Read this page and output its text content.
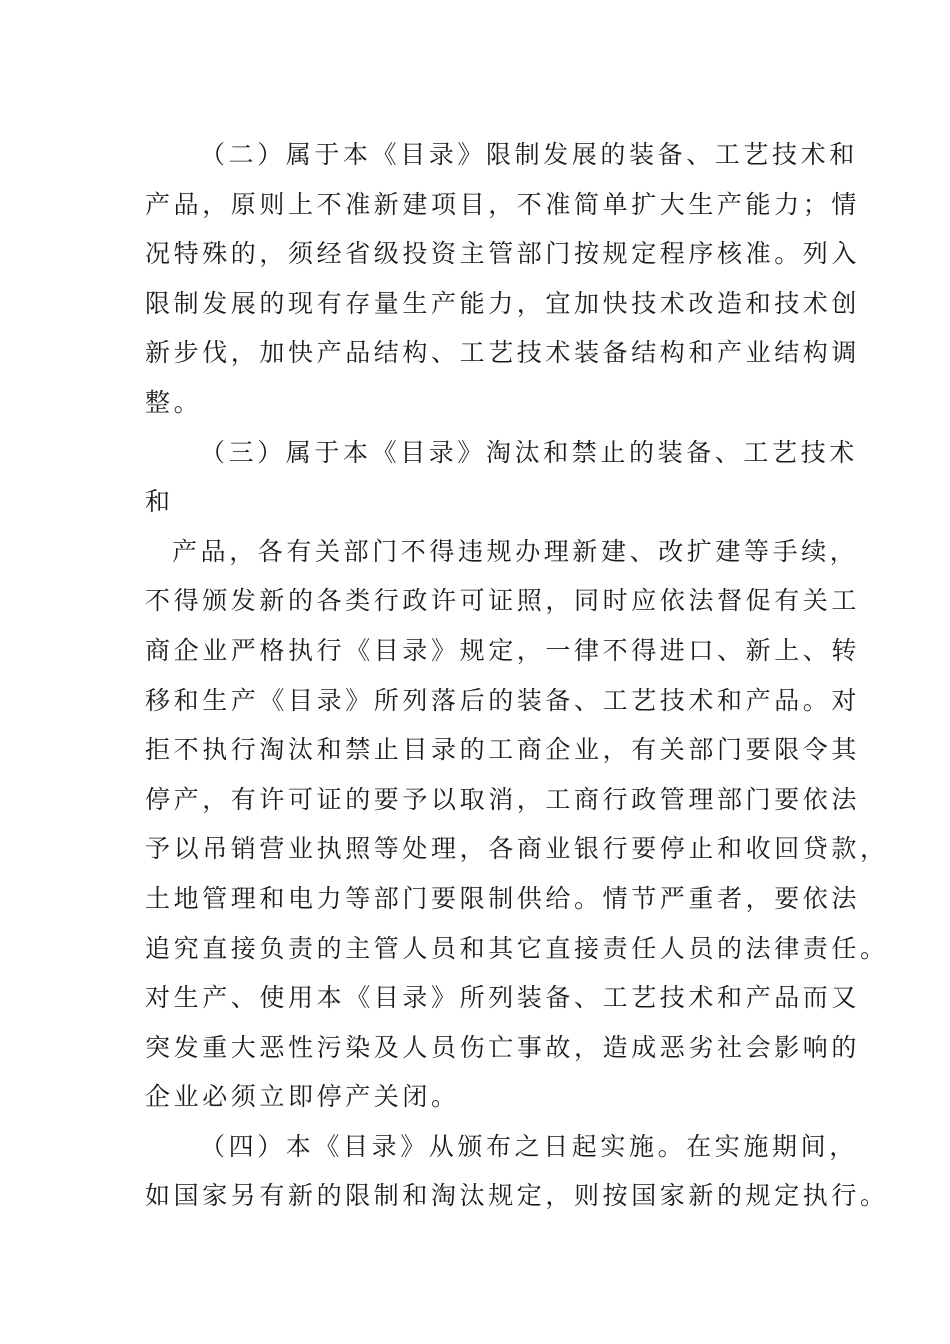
（二）属于本《目录》限制发展的装备、工艺技术和
产品，原则上不准新建项目，不准简单扩大生产能力；情
况特殊的，须经省级投资主管部门按规定程序核准。列入
限制发展的现有存量生产能力，宜加快技术改造和技术创
新步伐，加快产品结构、工艺技术装备结构和产业结构调
整。
（三）属于本《目录》淘汰和禁止的装备、工艺技术
和
产品，各有关部门不得违规办理新建、改扩建等手续，
不得颁发新的各类行政许可证照，同时应依法督促有关工
商企业严格执行《目录》规定，一律不得进口、新上、转
移和生产《目录》所列落后的装备、工艺技术和产品。对
拒不执行淘汰和禁止目录的工商企业，有关部门要限令其
停产，有许可证的要予以取消，工商行政管理部门要依法
予以吊销营业执照等处理，各商业银行要停止和收回贷款，
土地管理和电力等部门要限制供给。情节严重者，要依法
追究直接负责的主管人员和其它直接责任人员的法律责任。
对生产、使用本《目录》所列装备、工艺技术和产品而又
突发重大恶性污染及人员伤亡事故，造成恶劣社会影响的
企业必须立即停产关闭。
（四）本《目录》从颁布之日起实施。在实施期间，
如国家另有新的限制和淘汰规定，则按国家新的规定执行。
